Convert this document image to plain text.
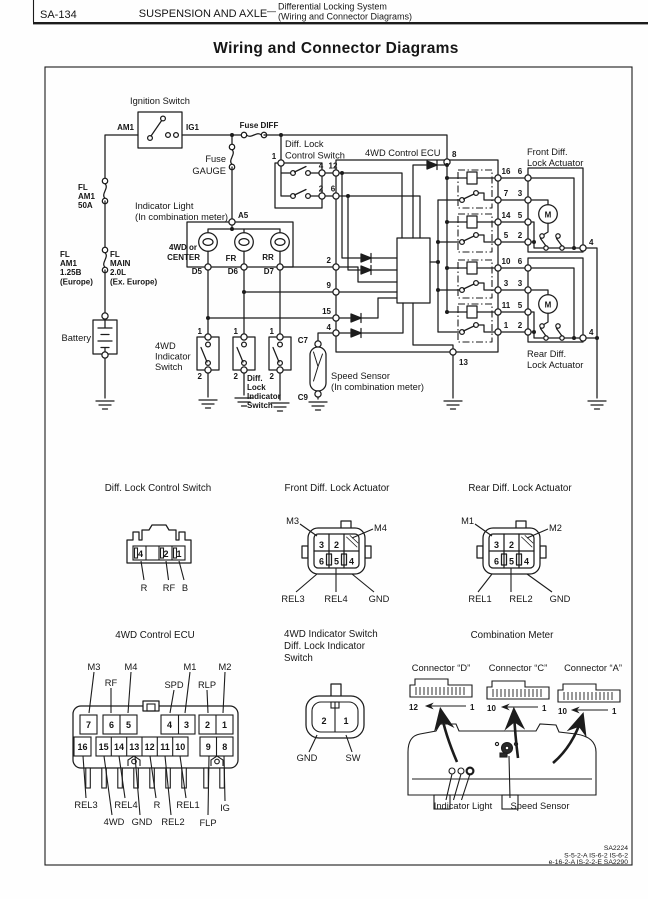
SA-134	SUSPENSION AND AXLE — Differential Locking System
(Wiring and Connector Diagrams)
Wiring and Connector Diagrams
Ignition Switch
AM1	IG1	Fuse DIFF
Fuse
GAUGE
FL
AM1
50A
FL
AM1
1.25B
(Europe)
FL
MAIN
2.0L
(Ex. Europe)
Battery
Indicator Light
(In combination meter) A5
4WD or
CENTER	FR	RR
D5	D6	D7
Diff. Lock
Control Switch
1
4 12
2 6
4WD Control ECU 8
13
2
9
15
4
16 6
7 3
14 5
5 2
10 6
3 3
11 5
1 2
Front Diff.
Lock Actuator
Rear Diff.
Lock Actuator
M
M
4
4
4WD
Indicator
Switch
1	1	1
2	2	2
Diff.
Lock
Indicator
Switch
C7
C9
Speed Sensor
(In combination meter)
Diff. Lock Control Switch
4 2 1
R RF B
Front Diff. Lock Actuator
M3
M4
3 2
6 5 4
REL3 REL4 GND
Rear Diff. Lock Actuator
M1
M2
3 2
6 5 4
REL1 REL2 GND
4WD Control ECU
M3	M4	M1 M2
RF	SPD RLP
7 6 5	4 3 2 1
16 15 14 13 12 11 10 9 8
REL3 REL4 R REL1 IG
4WD GND REL2 FLP
4WD Indicator Switch
Diff. Lock Indicator
Switch
2 1
GND	SW
Combination Meter
Connector “D” Connector “C” Connector “A”
12	1 10	1 10	1
Indicator Light Speed Sensor
SA2224
S-5-2-A IS-6-2 IS-6-2
e-16-2-A IS-2-2-E SA2290
